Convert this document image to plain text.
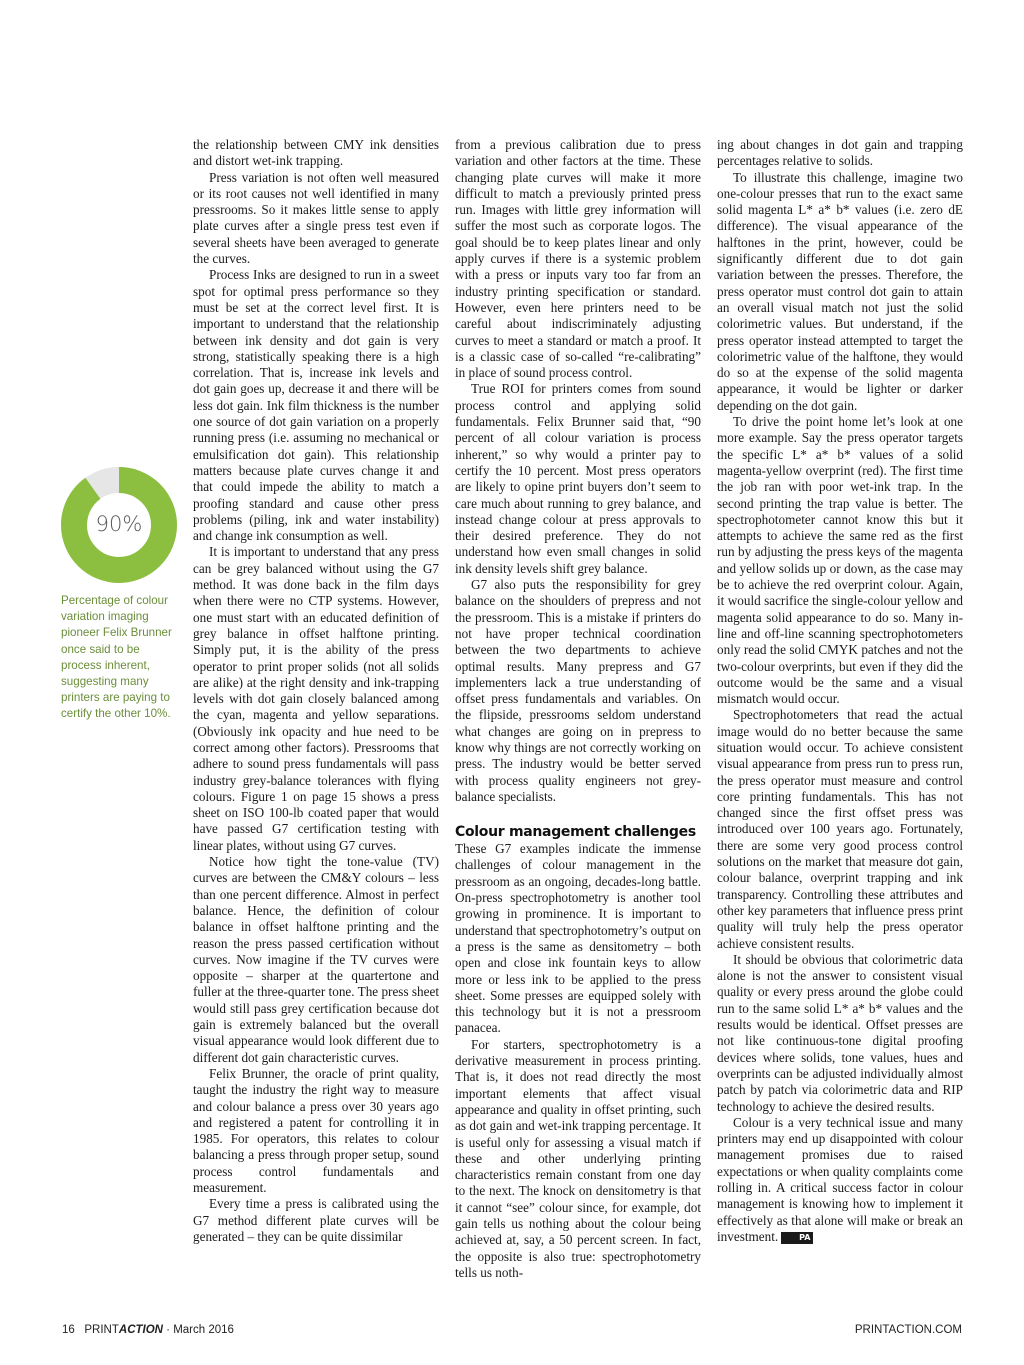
the relationship between CMY ink densities and distort wet-ink trapping.

Press variation is not often well measured or its root causes not well identified in many pressrooms. So it makes little sense to apply plate curves after a single press test even if several sheets have been averaged to generate the curves.

Process Inks are designed to run in a sweet spot for optimal press performance so they must be set at the correct level first. It is important to understand that the relationship between ink density and dot gain is very strong, statistically speaking there is a high correlation. That is, increase ink levels and dot gain goes up, decrease it and there will be less dot gain. Ink film thickness is the number one source of dot gain variation on a properly running press (i.e. assuming no mechanical or emulsification dot gain). This relationship matters because plate curves change it and that could impede the ability to match a proofing standard and cause other press problems (piling, ink and water instability) and change ink consumption as well.

It is important to understand that any press can be grey balanced without using the G7 method. It was done back in the film days when there were no CTP systems. However, one must start with an educated definition of grey balance in offset halftone printing. Simply put, it is the ability of the press operator to print proper solids (not all solids are alike) at the right density and ink-trapping levels with dot gain closely balanced among the cyan, magenta and yellow separations. (Obviously ink opacity and hue need to be correct among other factors). Pressrooms that adhere to sound press fundamentals will pass industry grey-balance tolerances with flying colours. Figure 1 on page 15 shows a press sheet on ISO 100-lb coated paper that would have passed G7 certification testing with linear plates, without using G7 curves.

Notice how tight the tone-value (TV) curves are between the CM&Y colours – less than one percent difference. Almost in perfect balance. Hence, the definition of colour balance in offset halftone printing and the reason the press passed certification without curves. Now imagine if the TV curves were opposite – sharper at the quartertone and fuller at the three-quarter tone. The press sheet would still pass grey certification because dot gain is extremely balanced but the overall visual appearance would look different due to different dot gain characteristic curves.

Felix Brunner, the oracle of print quality, taught the industry the right way to measure and colour balance a press over 30 years ago and registered a patent for controlling it in 1985. For operators, this relates to colour balancing a press through proper setup, sound process control fundamentals and measurement.

Every time a press is calibrated using the G7 method different plate curves will be generated – they can be quite dissimilar

from a previous calibration due to press variation and other factors at the time. These changing plate curves will make it more difficult to match a previously printed press run. Images with little grey information will suffer the most such as corporate logos. The goal should be to keep plates linear and only apply curves if there is a systemic problem with a press or inputs vary too far from an industry printing specification or standard. However, even here printers need to be careful about indiscriminately adjusting curves to meet a standard or match a proof. It is a classic case of so-called “re-calibrating” in place of sound process control.

True ROI for printers comes from sound process control and applying solid fundamentals. Felix Brunner said that, “90 percent of all colour variation is process inherent,” so why would a printer pay to certify the 10 percent. Most press operators are likely to opine print buyers don’t seem to care much about running to grey balance, and instead change colour at press approvals to their desired preference. They do not understand how even small changes in solid ink density levels shift grey balance.

G7 also puts the responsibility for grey balance on the shoulders of prepress and not the pressroom. This is a mistake if printers do not have proper technical coordination between the two departments to achieve optimal results. Many prepress and G7 implementers lack a true understanding of offset press fundamentals and variables. On the flipside, pressrooms seldom understand what changes are going on in prepress to know why things are not correctly working on press. The industry would be better served with process quality engineers not grey-balance specialists.

Colour management challenges

These G7 examples indicate the immense challenges of colour management in the pressroom as an ongoing, decades-long battle. On-press spectrophotometry is another tool growing in prominence. It is important to understand that spectrophotometry’s output on a press is the same as densitometry – both open and close ink fountain keys to allow more or less ink to be applied to the press sheet. Some presses are equipped solely with this technology but it is not a pressroom panacea.

For starters, spectrophotometry is a derivative measurement in process printing. That is, it does not read directly the most important elements that affect visual appearance and quality in offset printing, such as dot gain and wet-ink trapping percentage. It is useful only for assessing a visual match if these and other underlying printing characteristics remain constant from one day to the next. The knock on densitometry is that it cannot “see” colour since, for example, dot gain tells us nothing about the colour being achieved at, say, a 50 percent screen. In fact, the opposite is also true: spectrophotometry tells us noth-

ing about changes in dot gain and trapping percentages relative to solids.

To illustrate this challenge, imagine two one-colour presses that run to the exact same solid magenta L* a* b* values (i.e. zero dE difference). The visual appearance of the halftones in the print, however, could be significantly different due to dot gain variation between the presses. Therefore, the press operator must control dot gain to attain an overall visual match not just the solid colorimetric values. But understand, if the press operator instead attempted to target the colorimetric value of the halftone, they would do so at the expense of the solid magenta appearance, it would be lighter or darker depending on the dot gain.

To drive the point home let’s look at one more example. Say the press operator targets the specific L* a* b* values of a solid magenta-yellow overprint (red). The first time the job ran with poor wet-ink trap. In the second printing the trap value is better. The spectrophotometer cannot know this but it attempts to achieve the same red as the first run by adjusting the press keys of the magenta and yellow solids up or down, as the case may be to achieve the red overprint colour. Again, it would sacrifice the single-colour yellow and magenta solid appearance to do so. Many in-line and off-line scanning spectrophotometers only read the solid CMYK patches and not the two-colour overprints, but even if they did the outcome would be the same and a visual mismatch would occur.

Spectrophotometers that read the actual image would do no better because the same situation would occur. To achieve consistent visual appearance from press run to press run, the press operator must measure and control core printing fundamentals. This has not changed since the first offset press was introduced over 100 years ago. Fortunately, there are some very good process control solutions on the market that measure dot gain, colour balance, overprint trapping and ink transparency. Controlling these attributes and other key parameters that influence press print quality will truly help the press operator achieve consistent results.

It should be obvious that colorimetric data alone is not the answer to consistent visual quality or every press around the globe could run to the same solid L* a* b* values and the results would be identical. Offset presses are not like continuous-tone digital proofing devices where solids, tone values, hues and overprints can be adjusted individually almost patch by patch via colorimetric data and RIP technology to achieve the desired results.

Colour is a very technical issue and many printers may end up disappointed with colour management promises due to raised expectations or when quality complaints come rolling in. A critical success factor in colour management is knowing how to implement it effectively as that alone will make or break an investment.	PA

90%
Percentage of colour variation imaging pioneer Felix Brunner once said to be process inherent, suggesting many printers are paying to certify the other 10%.
16 PRINTACTION · March 2016	PRINTACTION.COM
